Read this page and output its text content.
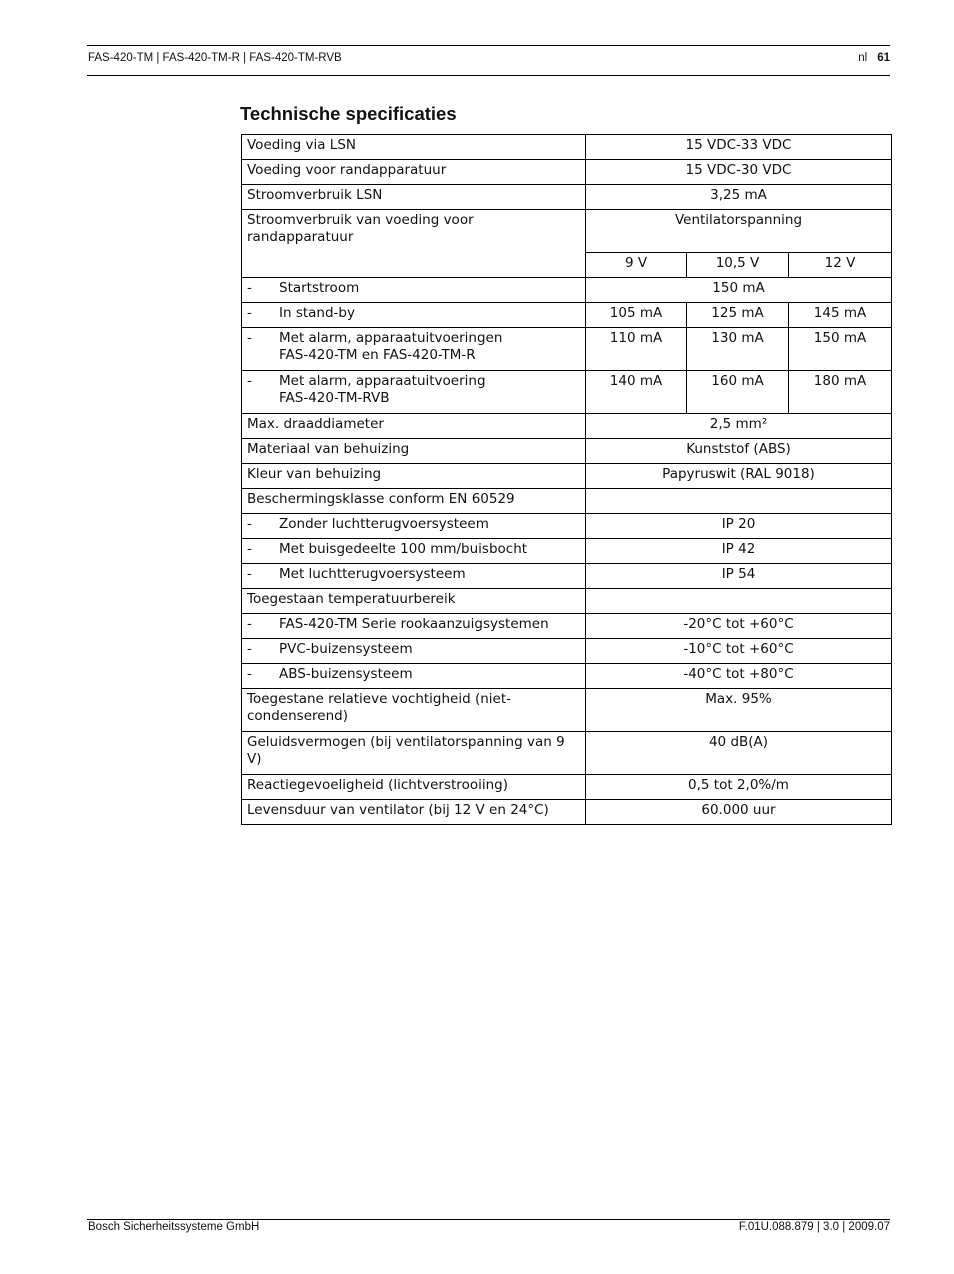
FAS-420-TM | FAS-420-TM-R | FAS-420-TM-RVB	nl 61
Technische specificaties
Voeding via LSN	15 VDC-33 VDC		
Voeding voor randapparatuur	15 VDC-30 VDC		
Stroomverbruik LSN	3,25 mA		
Stroomverbruik van voeding voor randapparatuur	Ventilatorspanning		
	9 V	10,5 V	12 V
- Startstroom	150 mA		
- In stand-by	105 mA	125 mA	145 mA
- Met alarm, apparaatuitvoeringen
FAS-420-TM en FAS-420-TM-R	110 mA	130 mA	150 mA
- Met alarm, apparaatuitvoering
FAS-420-TM-RVB	140 mA	160 mA	180 mA
Max. draaddiameter	2,5 mm²		
Materiaal van behuizing	Kunststof (ABS)		
Kleur van behuizing	Papyruswit (RAL 9018)		
Beschermingsklasse conform EN 60529			
- Zonder luchtterugvoersysteem	IP 20		
- Met buisgedeelte 100 mm/buisbocht	IP 42		
- Met luchtterugvoersysteem	IP 54		
Toegestaan temperatuurbereik			
- FAS-420-TM Serie rookaanzuigsystemen	-20°C tot +60°C		
- PVC-buizensysteem	-10°C tot +60°C		
- ABS-buizensysteem	-40°C tot +80°C		
Toegestane relatieve vochtigheid (niet-condenserend)	Max. 95%		
Geluidsvermogen (bij ventilatorspanning van 9 V)	40 dB(A)		
Reactiegevoeligheid (lichtverstrooiing)	0,5 tot 2,0%/m		
Levensduur van ventilator (bij 12 V en 24°C)	60.000 uur		
Bosch Sicherheitssysteme GmbH	F.01U.088.879 | 3.0 | 2009.07
